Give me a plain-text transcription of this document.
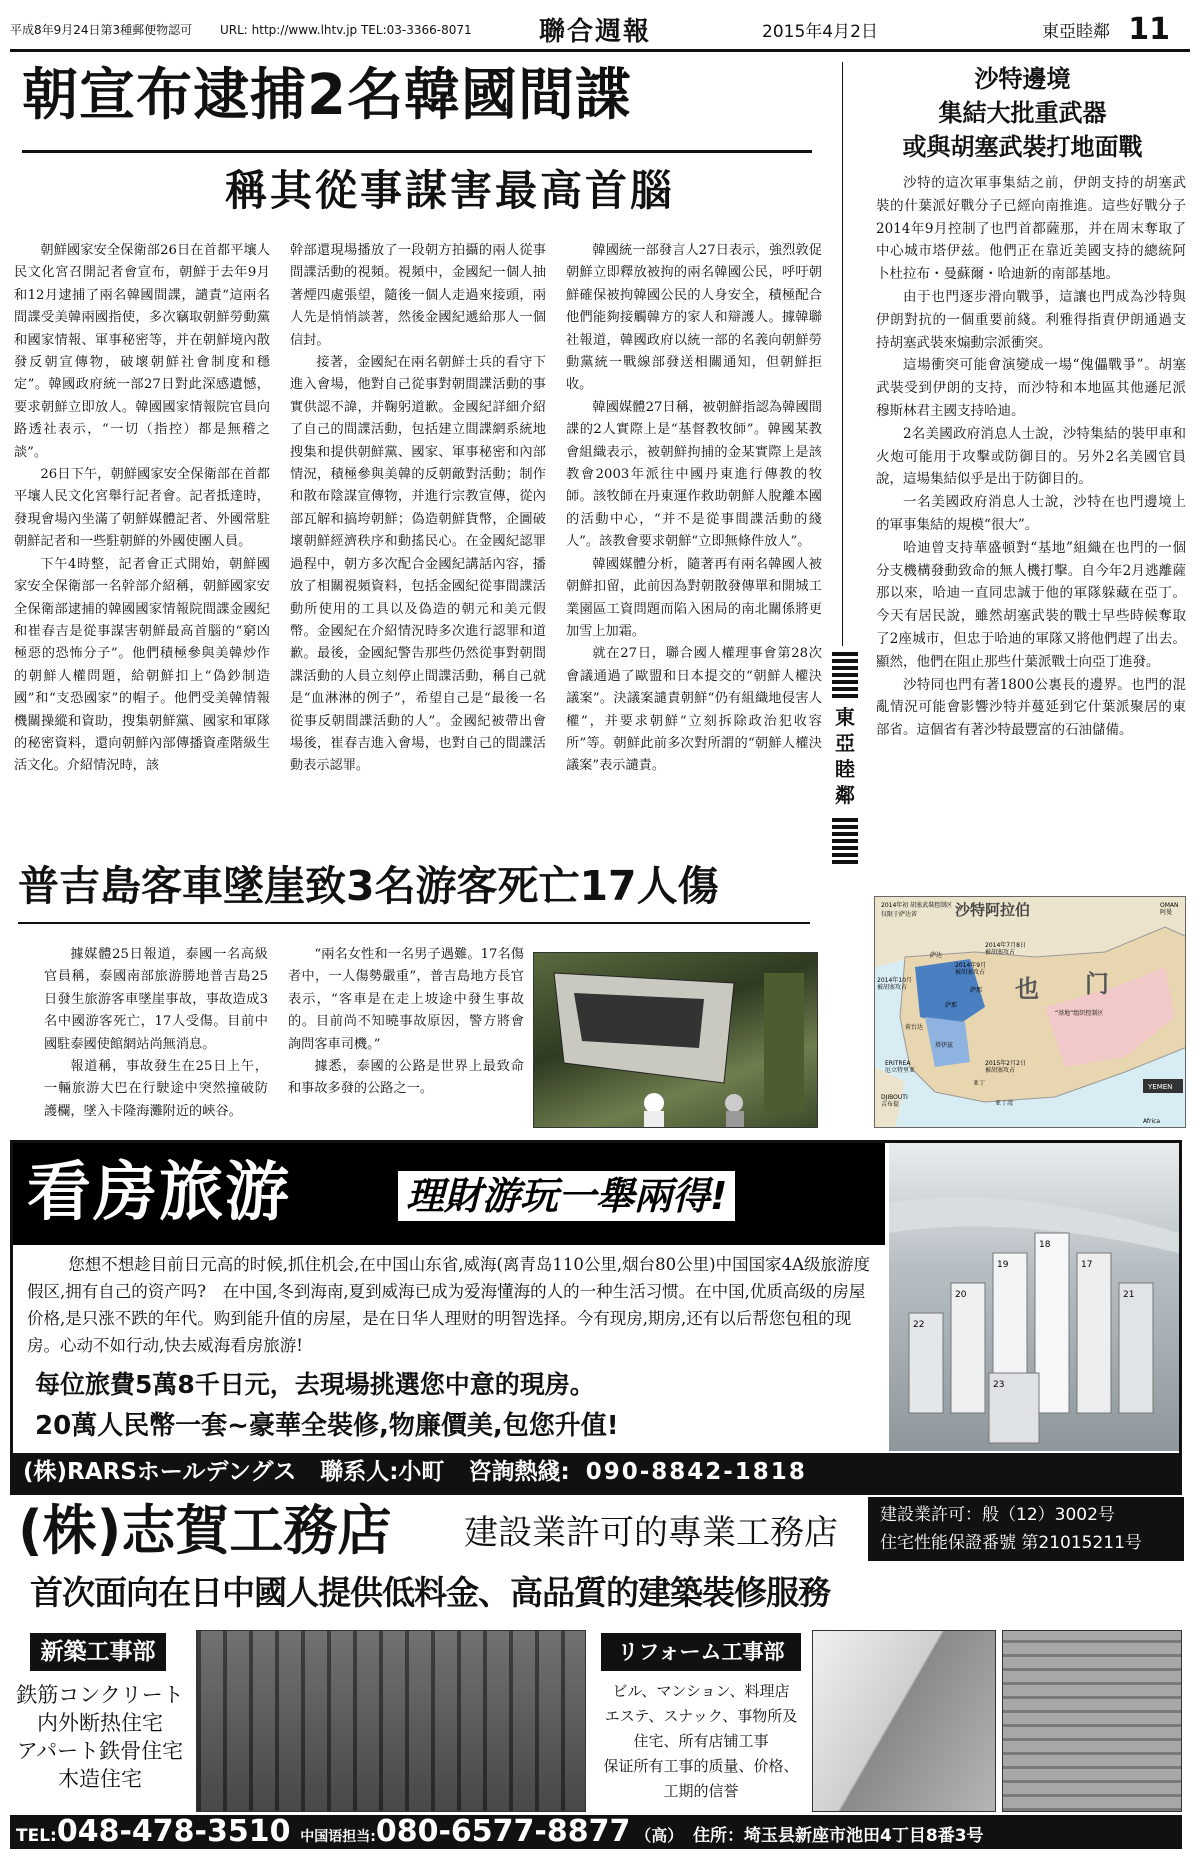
平成8年9月24日第3種郵便物認可	URL: http://www.lhtv.jp TEL:03-3366-8071	聯合週報	2015年4月2日	東亞睦鄰 11
朝宣布逮捕2名韓國間諜
稱其從事謀害最高首腦

朝鮮國家安全保衛部26日在首都平壤人民文化宮召開記者會宣布，朝鮮于去年9月和12月逮捕了兩名韓國間諜，譴責“這兩名間諜受美韓兩國指使，多次竊取朝鮮勞動黨和國家情報、軍事秘密等，并在朝鮮境內散發反朝宣傳物，破壞朝鮮社會制度和穩定”。韓國政府統一部27日對此深感遺憾，要求朝鮮立即放人。韓國國家情報院官員向路透社表示，“一切（指控）都是無稽之談”。

26日下午，朝鮮國家安全保衛部在首都平壤人民文化宮舉行記者會。記者抵達時，發現會場內坐滿了朝鮮媒體記者、外國常駐朝鮮記者和一些駐朝鮮的外國使團人員。

下午4時整，記者會正式開始，朝鮮國家安全保衛部一名幹部介紹稱，朝鮮國家安全保衛部逮捕的韓國國家情報院間諜金國紀和崔春吉是從事謀害朝鮮最高首腦的“窮凶極惡的恐怖分子”。他們積極參與美韓炒作的朝鮮人權問題，給朝鮮扣上“偽鈔制造國”和“支恐國家”的帽子。他們受美韓情報機關操縱和資助，搜集朝鮮黨、國家和軍隊的秘密資料，還向朝鮮內部傳播資產階級生活文化。介紹情況時，該

幹部還現場播放了一段朝方拍攝的兩人從事間諜活動的視頻。視頻中，金國紀一個人抽著煙四處張望，隨後一個人走過來接頭，兩人先是悄悄談著，然後金國紀遞給那人一個信封。

接著，金國紀在兩名朝鮮士兵的看守下進入會場，他對自己從事對朝間諜活動的事實供認不諱，并鞠躬道歉。金國紀詳細介紹了自己的間諜活動，包括建立間諜網系統地搜集和提供朝鮮黨、國家、軍事秘密和內部情況，積極參與美韓的反朝敵對活動；制作和散布陰謀宣傳物，并進行宗教宣傳，從內部瓦解和搞垮朝鮮；偽造朝鮮貨幣，企圖破壞朝鮮經濟秩序和動搖民心。在金國紀認罪過程中，朝方多次配合金國紀講話內容，播放了相關視頻資料，包括金國紀從事間諜活動所使用的工具以及偽造的朝元和美元假幣。金國紀在介紹情況時多次進行認罪和道歉。最後，金國紀警告那些仍然從事對朝間諜活動的人員立刻停止間諜活動，稱自己就是“血淋淋的例子”，希望自己是“最後一名從事反朝間諜活動的人”。金國紀被帶出會場後，崔春吉進入會場，也對自己的間諜活動表示認罪。

韓國統一部發言人27日表示，強烈敦促朝鮮立即釋放被拘的兩名韓國公民，呼吁朝鮮確保被拘韓國公民的人身安全，積極配合他們能夠接觸韓方的家人和辯護人。據韓聯社報道，韓國政府以統一部的名義向朝鮮勞動黨統一戰線部發送相關通知，但朝鮮拒收。

韓國媒體27日稱，被朝鮮指認為韓國間諜的2人實際上是“基督教牧師”。韓國某教會組織表示，被朝鮮拘捕的金某實際上是該教會2003年派往中國丹東進行傳教的牧師。該牧師在丹東運作救助朝鮮人脫離本國的活動中心，“并不是從事間諜活動的綫人”。該教會要求朝鮮“立即無條件放人”。

韓國媒體分析，隨著再有兩名韓國人被朝鮮扣留，此前因為對朝散發傳單和開城工業園區工資問題而陷入困局的南北關係將更加雪上加霜。

就在27日，聯合國人權理事會第28次會議通過了歐盟和日本提交的“朝鮮人權決議案”。決議案譴責朝鮮“仍有組織地侵害人權”，并要求朝鮮“立刻拆除政治犯收容所”等。朝鮮此前多次對所謂的“朝鮮人權決議案”表示譴責。

東亞睦鄰
普吉島客車墜崖致3名游客死亡17人傷

據媒體25日報道，泰國一名高級官員稱，泰國南部旅游勝地普吉島25日發生旅游客車墜崖事故，事故造成3名中國游客死亡，17人受傷。目前中國駐泰國使館網站尚無消息。

報道稱，事故發生在25日上午，一輛旅游大巴在行駛途中突然撞破防護欄，墜入卡隆海灘附近的峽谷。

“兩名女性和一名男子遇難。17名傷者中，一人傷勢嚴重”，普吉島地方長官表示，“客車是在走上坡途中發生事故的。目前尚不知曉事故原因，警方將會詢問客車司機。”

據悉，泰國的公路是世界上最致命和事故多發的公路之一。

沙特邊境
集結大批重武器
或與胡塞武裝打地面戰

沙特的這次軍事集結之前，伊朗支持的胡塞武裝的什葉派好戰分子已經向南推進。這些好戰分子2014年9月控制了也門首都薩那，并在周末奪取了中心城市塔伊兹。他們正在靠近美國支持的總統阿卜杜拉布・曼蘇爾・哈迪新的南部基地。

由于也門逐步滑向戰爭，這讓也門成為沙特與伊朗對抗的一個重要前綫。利雅得指責伊朗通過支持胡塞武裝來煽動宗派衝突。

這場衝突可能會演變成一場“傀儡戰爭”。胡塞武裝受到伊朗的支持，而沙特和本地區其他遜尼派穆斯林君主國支持哈迪。

2名美國政府消息人士說，沙特集結的裝甲車和火炮可能用于攻擊或防御目的。另外2名美國官員說，這場集結似乎是出于防御目的。

一名美國政府消息人士說，沙特在也門邊境上的軍事集結的規模“很大”。

哈迪曾支持華盛頓對“基地”組織在也門的一個分支機構發動致命的無人機打擊。自今年2月逃離薩那以來，哈迪一直同忠誠于他的軍隊躲藏在亞丁。今天有居民說，雖然胡塞武裝的戰士早些時候奪取了2座城市，但忠于哈迪的軍隊又將他們趕了出去。顯然，他們在阻止那些什葉派戰士向亞丁進發。

沙特同也門有著1800公裏長的邊界。也門的混亂情況可能會影響沙特并蔓延到它什葉派聚居的東部省。這個省有著沙特最豐富的石油儲備。

2014年初 胡塞武裝控制区
仅限于萨达省	沙特阿拉伯
萨达
2014年9月
被胡塞攻占
萨那
2014年7月8日
被胡塞攻占
2014年10月
被胡塞攻占	也 门
“基地”组织控制区
萨那
荷台达
塔伊兹
2015年2月2日
被胡塞攻占
亚丁
亚丁湾
ERITREA
厄立特里亚
DJIBOUTI
吉布提
YEMEN
Africa
OMAN
阿曼
看房旅游	理財游玩一舉兩得!
您想不想趁目前日元高的时候,抓住机会,在中国山东省,威海(离青岛110公里,烟台80公里)中国国家4A级旅游度假区,拥有自己的资产吗?　在中国,冬到海南,夏到威海已成为爱海懂海的人的一种生活习惯。在中国,优质高级的房屋价格,是只涨不跌的年代。购到能升值的房屋，是在日华人理财的明智选择。今有现房,期房,还有以后帮您包租的现房。心动不如行动,快去威海看房旅游!
每位旅費5萬8千日元，去現場挑選您中意的現房。
20萬人民幣一套~豪華全裝修,物廉價美,包您升值!
(株)RARSホールデングス 聯系人:小町 咨詢熱綫: 090-8842-1818
18
17
20
19
21
22
23
(株)志賀工務店 建設業許可的專業工務店 建設業許可：般（12）3002号
住宅性能保證番號 第21015211号
首次面向在日中國人提供低料金、高品質的建築裝修服務
新築工事部
鉄筋コンクリート
内外断热住宅
アパート鉄骨住宅
木造住宅
リフォーム工事部
ビル、マンション、料理店
エステ、スナック、事物所及
住宅、所有店铺工事
保证所有工事的质量、价格、
工期的信誉
TEL:048-478-3510 中国语担当:080-6577-8877 （高） 住所：埼玉县新座市池田4丁目8番3号
